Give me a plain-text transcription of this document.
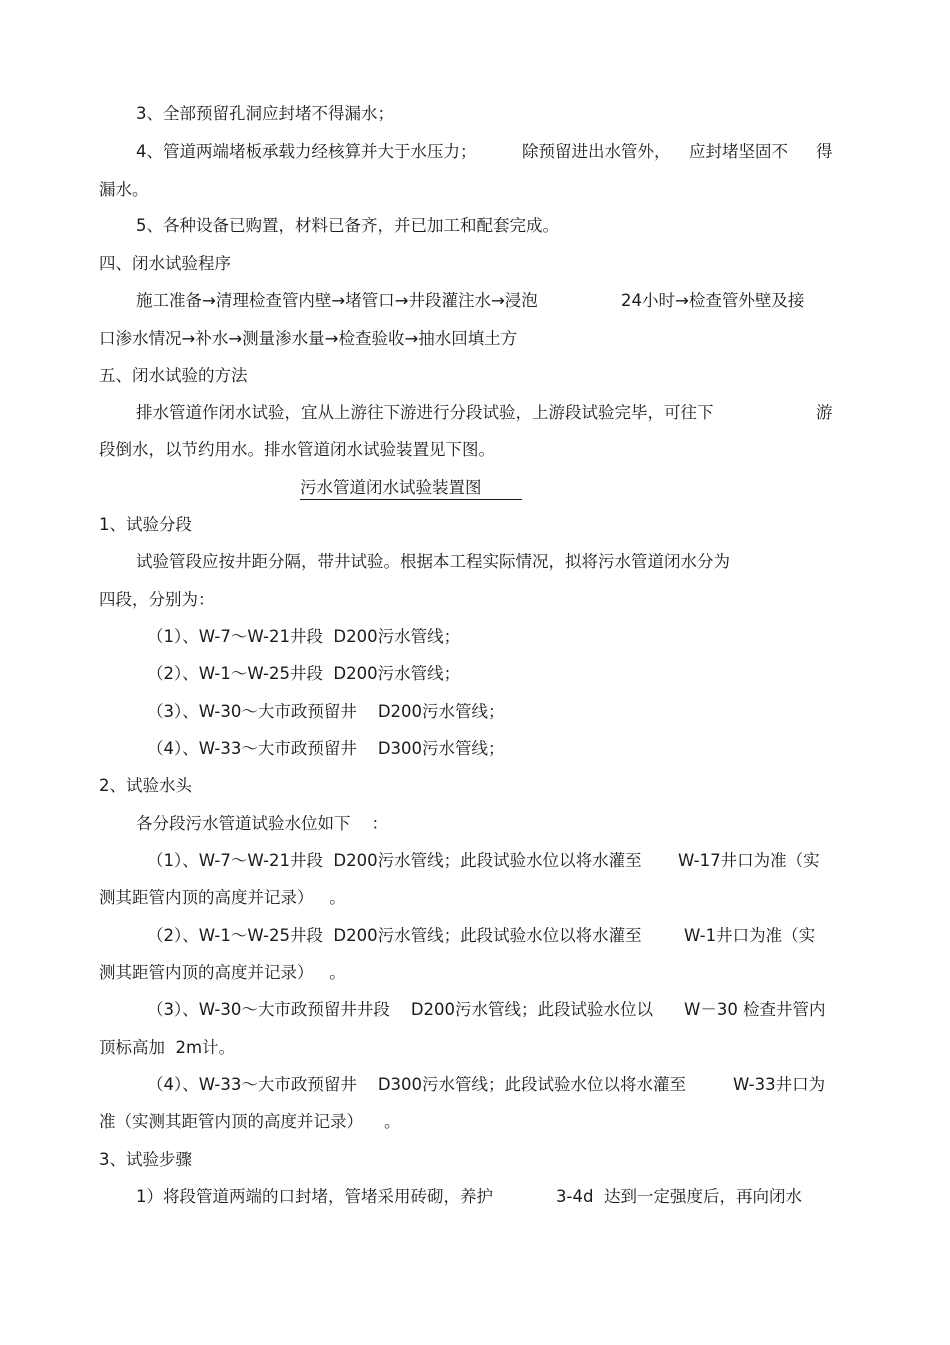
3、全部预留孔洞应封堵不得漏水；
4、管道两端堵板承载力经核算并大于水压力；	除预留进出水管外， 应封堵坚固不 得
漏水。
5、各种设备已购置，材料已备齐，并已加工和配套完成。
四、闭水试验程序
施工准备→清理检查管内壁→堵管口→井段灌注水→浸泡	24小时→检查管外壁及接
口渗水情况→补水→测量渗水量→检查验收→抽水回填土方
五、闭水试验的方法
排水管道作闭水试验，宜从上游往下游进行分段试验，上游段试验完毕，可往下	游
段倒水，以节约用水。排水管道闭水试验装置见下图。
污水管道闭水试验装置图
1、试验分段
试验管段应按井距分隔，带井试验。根据本工程实际情况，拟将污水管道闭水分为
四段，分别为：
（1）、W-7～W-21井段  D200污水管线；
（2）、W-1～W-25井段  D200污水管线；
（3）、W-30～大市政预留井    D200污水管线；
（4）、W-33～大市政预留井    D300污水管线；
2、试验水头
各分段污水管道试验水位如下    ：
（1）、W-7～W-21井段  D200污水管线；此段试验水位以将水灌至 W-17井口为准（实
测其距管内顶的高度并记录）   。
（2）、W-1～W-25井段  D200污水管线；此段试验水位以将水灌至	W-1井口为准（实
测其距管内顶的高度并记录）   。
（3）、W-30～大市政预留井井段    D200污水管线；此段试验水位以 W－30 检查井管内
顶标高加  2m计。
（4）、W-33～大市政预留井    D300污水管线；此段试验水位以将水灌至	W-33井口为
准（实测其距管内顶的高度并记录）    。
3、试验步骤
1）将段管道两端的口封堵，管堵采用砖砌，养护	3-4d 达到一定强度后，再向闭水
